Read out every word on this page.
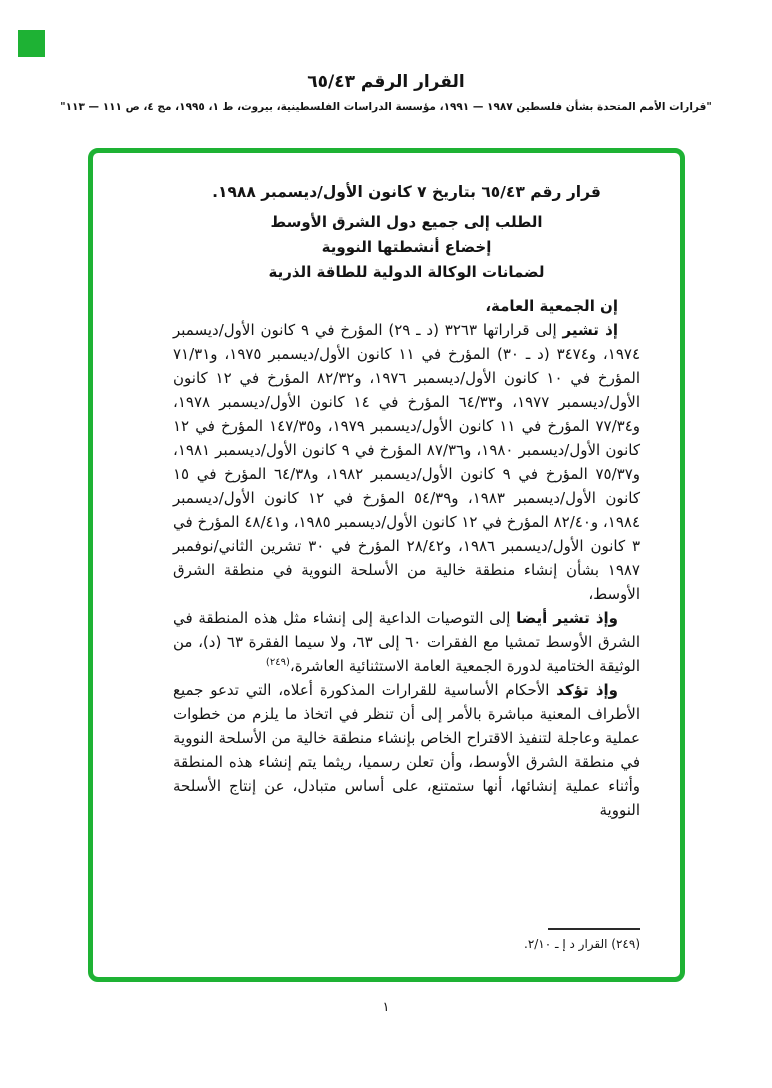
القرار الرقم ٦٥/٤٣
"قرارات الأمم المتحدة بشأن فلسطين ١٩٨٧ — ١٩٩١، مؤسسة الدراسات الفلسطينية، بيروت، ط ١، ١٩٩٥، مج ٤، ص ١١١ — ١١٣"
قرار رقم ٦٥/٤٣ بتاريخ ٧ كانون الأول/ديسمبر ١٩٨٨.
الطلب إلى جميع دول الشرق الأوسط
إخضاع أنشطتها النووية
لضمانات الوكالة الدولية للطاقة الذرية
إن الجمعية العامة،

إذ تشير إلى قراراتها ٣٢٦٣ (د ـ ٢٩) المؤرخ في ٩ كانون الأول/ديسمبر ١٩٧٤، و٣٤٧٤ (د ـ ٣٠) المؤرخ في ١١ كانون الأول/ديسمبر ١٩٧٥، و٧١/٣١ المؤرخ في ١٠ كانون الأول/ديسمبر ١٩٧٦، و٨٢/٣٢ المؤرخ في ١٢ كانون الأول/ديسمبر ١٩٧٧، و٦٤/٣٣ المؤرخ في ١٤ كانون الأول/ديسمبر ١٩٧٨، و٧٧/٣٤ المؤرخ في ١١ كانون الأول/ديسمبر ١٩٧٩، و١٤٧/٣٥ المؤرخ في ١٢ كانون الأول/ديسمبر ١٩٨٠، و٨٧/٣٦ المؤرخ في ٩ كانون الأول/ديسمبر ١٩٨١، و٧٥/٣٧ المؤرخ في ٩ كانون الأول/ديسمبر ١٩٨٢، و٦٤/٣٨ المؤرخ في ١٥ كانون الأول/ديسمبر ١٩٨٣، و٥٤/٣٩ المؤرخ في ١٢ كانون الأول/ديسمبر ١٩٨٤، و٨٢/٤٠ المؤرخ في ١٢ كانون الأول/ديسمبر ١٩٨٥، و٤٨/٤١ المؤرخ في ٣ كانون الأول/ديسمبر ١٩٨٦، و٢٨/٤٢ المؤرخ في ٣٠ تشرين الثاني/نوفمبر ١٩٨٧ بشأن إنشاء منطقة خالية من الأسلحة النووية في منطقة الشرق الأوسط،

وإذ تشير أيضا إلى التوصيات الداعية إلى إنشاء مثل هذه المنطقة في الشرق الأوسط تمشيا مع الفقرات ٦٠ إلى ٦٣، ولا سيما الفقرة ٦٣ (د)، من الوثيقة الختامية لدورة الجمعية العامة الاستثنائية العاشرة،$^{(٢٤٩)}$

وإذ تؤكد الأحكام الأساسية للقرارات المذكورة أعلاه، التي تدعو جميع الأطراف المعنية مباشرة بالأمر إلى أن تنظر في اتخاذ ما يلزم من خطوات عملية وعاجلة لتنفيذ الاقتراح الخاص بإنشاء منطقة خالية من الأسلحة النووية في منطقة الشرق الأوسط، وأن تعلن رسميا، ريثما يتم إنشاء هذه المنطقة وأثناء عملية إنشائها، أنها ستمتنع، على أساس متبادل، عن إنتاج الأسلحة النووية

(٢٤٩) القرار د إ ـ ٢/١٠.
١
